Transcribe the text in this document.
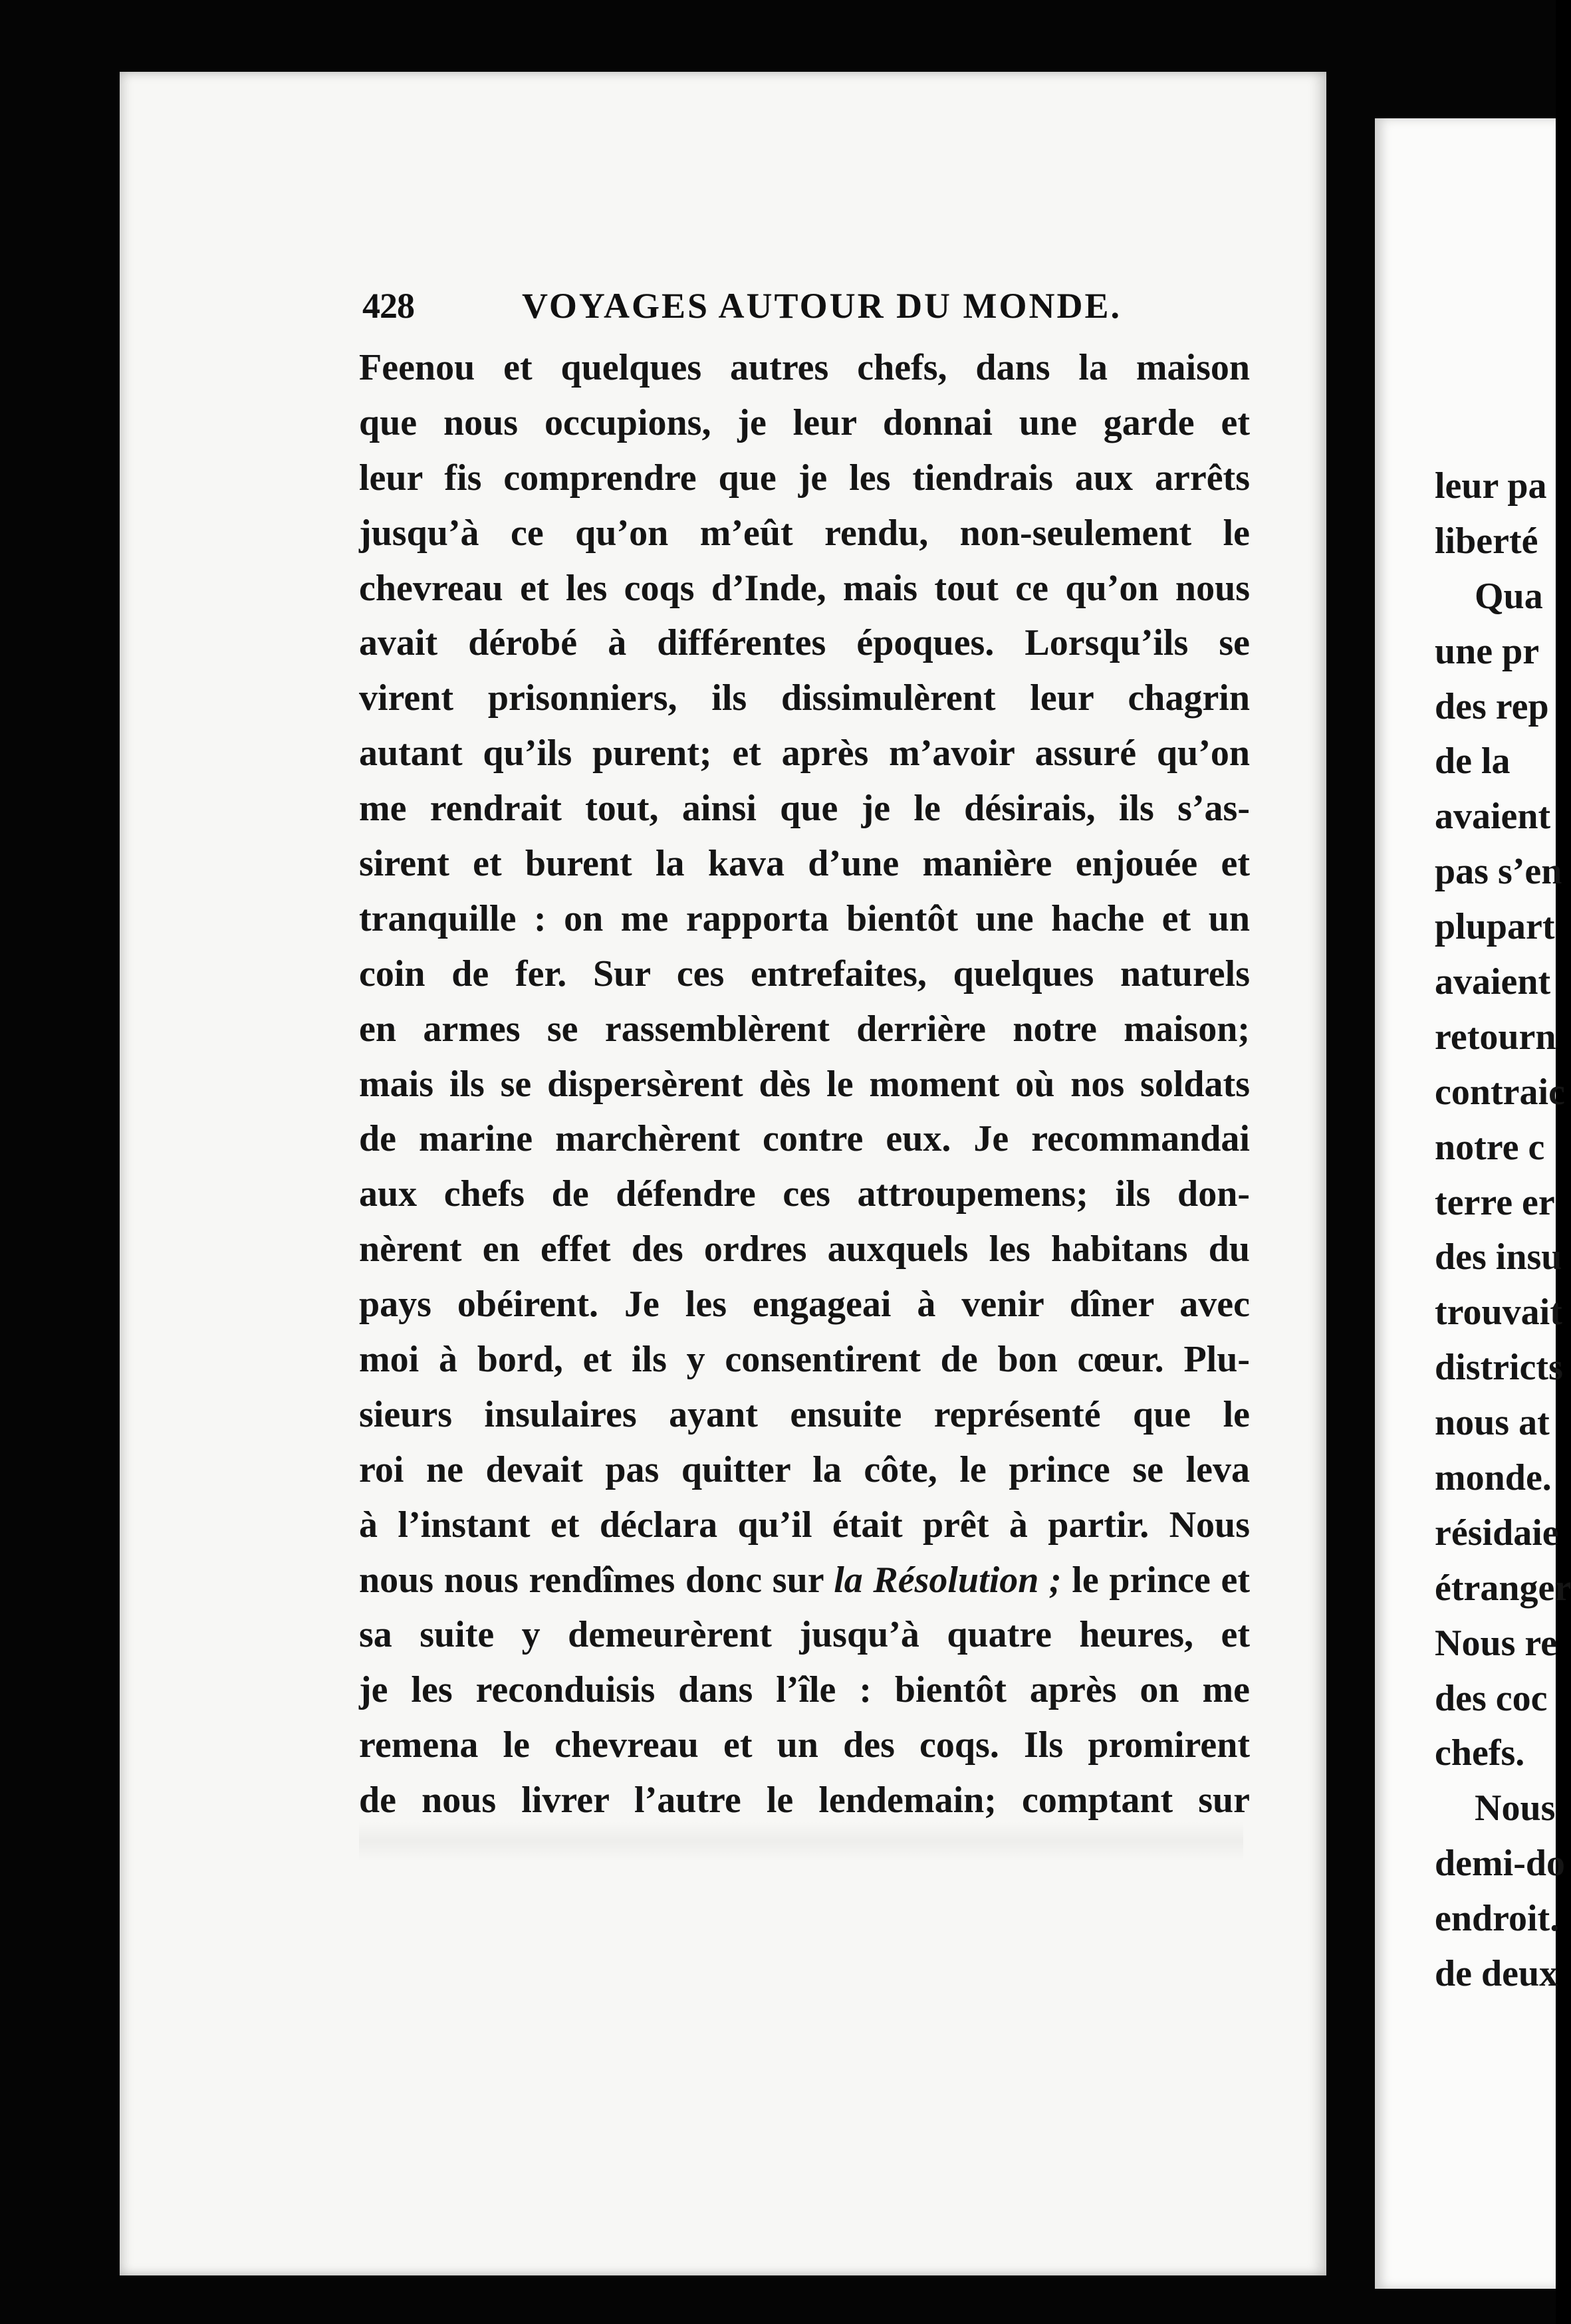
428	VOYAGES AUTOUR DU MONDE.
Feenou et quelques autres chefs, dans la maison
que nous occupions, je leur donnai une garde et
leur fis comprendre que je les tiendrais aux arrêts
jusqu’à ce qu’on m’eût rendu, non-seulement le
chevreau et les coqs d’Inde, mais tout ce qu’on nous
avait dérobé à différentes époques. Lorsqu’ils se
virent prisonniers, ils dissimulèrent leur chagrin
autant qu’ils purent; et après m’avoir assuré qu’on
me rendrait tout, ainsi que je le désirais, ils s’as-
sirent et burent la kava d’une manière enjouée et
tranquille : on me rapporta bientôt une hache et un
coin de fer. Sur ces entrefaites, quelques naturels
en armes se rassemblèrent derrière notre maison;
mais ils se dispersèrent dès le moment où nos soldats
de marine marchèrent contre eux. Je recommandai
aux chefs de défendre ces attroupemens; ils don-
nèrent en effet des ordres auxquels les habitans du
pays obéirent. Je les engageai à venir dîner avec
moi à bord, et ils y consentirent de bon cœur. Plu-
sieurs insulaires ayant ensuite représenté que le
roi ne devait pas quitter la côte, le prince se leva
à l’instant et déclara qu’il était prêt à partir. Nous
nous nous rendîmes donc sur la Résolution ; le prince et
sa suite y demeurèrent jusqu’à quatre heures, et
je les reconduisis dans l’île : bientôt après on me
remena le chevreau et un des coqs. Ils promirent
de nous livrer l’autre le lendemain; comptant sur
leur pa
liberté
Qua
une pr
des rep
de la
avaient
pas s’en
plupart
avaient
retourn
contraic
notre c
terre er
des insu
trouvait
districts
nous at
monde.
résidaie
étranger
Nous re
des coc
chefs.
Nous
demi-do
endroit.
de deux
